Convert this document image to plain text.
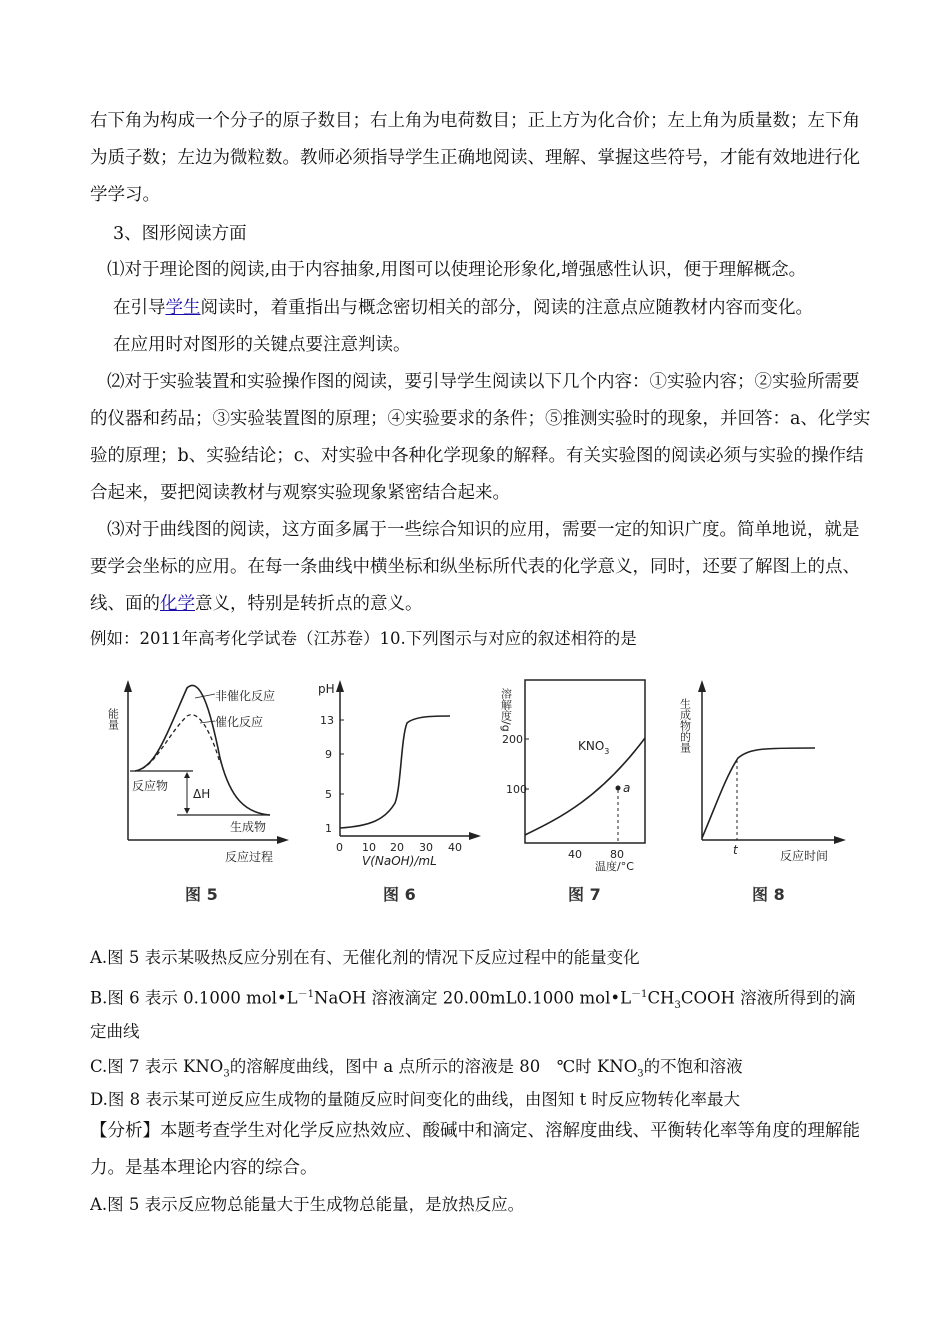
右下角为构成一个分子的原子数目；右上角为电荷数目；正上方为化合价；左上角为质量数；左下角为质子数；左边为微粒数。教师必须指导学生正确地阅读、理解、掌握这些符号，才能有效地进行化学学习。

3、图形阅读方面

⑴对于理论图的阅读,由于内容抽象,用图可以使理论形象化,增强感性认识，便于理解概念。

在引导学生阅读时，着重指出与概念密切相关的部分，阅读的注意点应随教材内容而变化。

在应用时对图形的关键点要注意判读。

⑵对于实验装置和实验操作图的阅读，要引导学生阅读以下几个内容：①实验内容；②实验所需要的仪器和药品；③实验装置图的原理；④实验要求的条件；⑤推测实验时的现象，并回答：a、化学实验的原理；b、实验结论；c、对实验中各种化学现象的解释。有关实验图的阅读必须与实验的操作结合起来，要把阅读教材与观察实验现象紧密结合起来。

⑶对于曲线图的阅读，这方面多属于一些综合知识的应用，需要一定的知识广度。简单地说，就是要学会坐标的应用。在每一条曲线中横坐标和纵坐标所代表的化学意义，同时，还要了解图上的点、线、面的化学意义，特别是转折点的意义。

例如：2011年高考化学试卷（江苏卷）10.下列图示与对应的叙述相符的是

能量
非催化反应
催化反应
反应物
ΔH
生成物
反应过程
pH
13
9
5
1
0 10 20 30 40
V(NaOH)/mL
溶解度/g
200
100
$KNO_3$
a
40	80
温度/°C
生成物的量
t	反应时间
图 5	图 6	图 7	图 8

A.图 5 表示某吸热反应分别在有、无催化剂的情况下反应过程中的能量变化

B.图 6 表示 0.1000 $mol•L^{-1}NaOH$ 溶液滴定 20.00mL0.1000 $mol•L^{-1}CH_3COOH$ 溶液所得到的滴

定曲线

C.图 7 表示 $KNO_3$的溶解度曲线，图中 a 点所示的溶液是 80　℃时 $KNO_3$的不饱和溶液

D.图 8 表示某可逆反应生成物的量随反应时间变化的曲线，由图知 t 时反应物转化率最大

【分析】本题考查学生对化学反应热效应、酸碱中和滴定、溶解度曲线、平衡转化率等角度的理解能力。是基本理论内容的综合。

A.图 5 表示反应物总能量大于生成物总能量，是放热反应。
